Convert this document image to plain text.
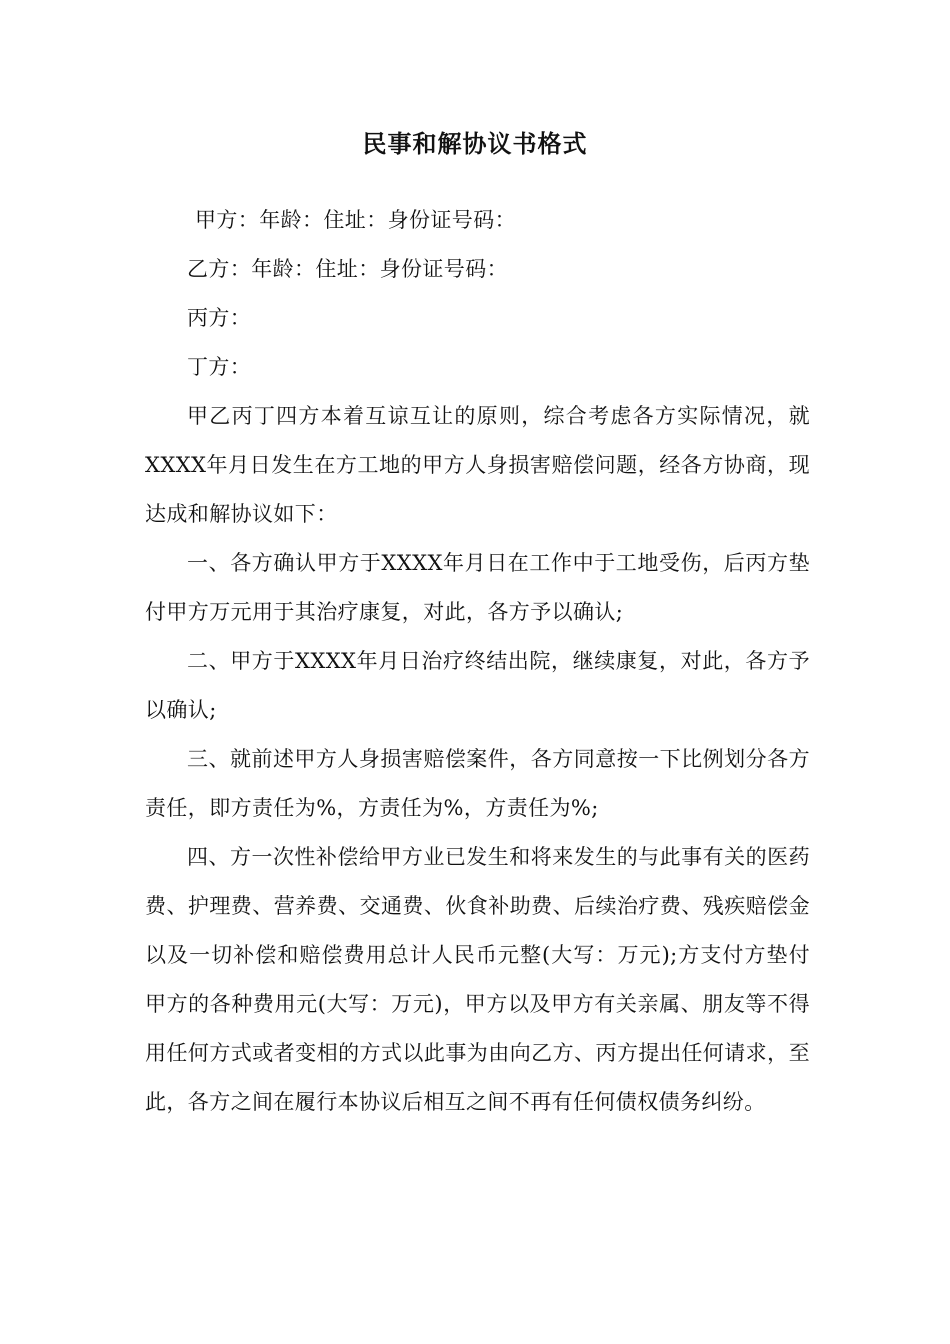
民事和解协议书格式

甲方：年龄：住址：身份证号码：

乙方：年龄：住址：身份证号码：

丙方：

丁方：

甲乙丙丁四方本着互谅互让的原则，综合考虑各方实际情况，就XXXX年月日发生在方工地的甲方人身损害赔偿问题，经各方协商，现达成和解协议如下：

一、各方确认甲方于XXXX年月日在工作中于工地受伤，后丙方垫付甲方万元用于其治疗康复，对此，各方予以确认;

二、甲方于XXXX年月日治疗终结出院，继续康复，对此，各方予以确认;

三、就前述甲方人身损害赔偿案件，各方同意按一下比例划分各方责任，即方责任为%，方责任为%，方责任为%;

四、方一次性补偿给甲方业已发生和将来发生的与此事有关的医药费、护理费、营养费、交通费、伙食补助费、后续治疗费、残疾赔偿金以及一切补偿和赔偿费用总计人民币元整(大写：万元);方支付方垫付甲方的各种费用元(大写：万元)，甲方以及甲方有关亲属、朋友等不得用任何方式或者变相的方式以此事为由向乙方、丙方提出任何请求，至此，各方之间在履行本协议后相互之间不再有任何债权债务纠纷。
